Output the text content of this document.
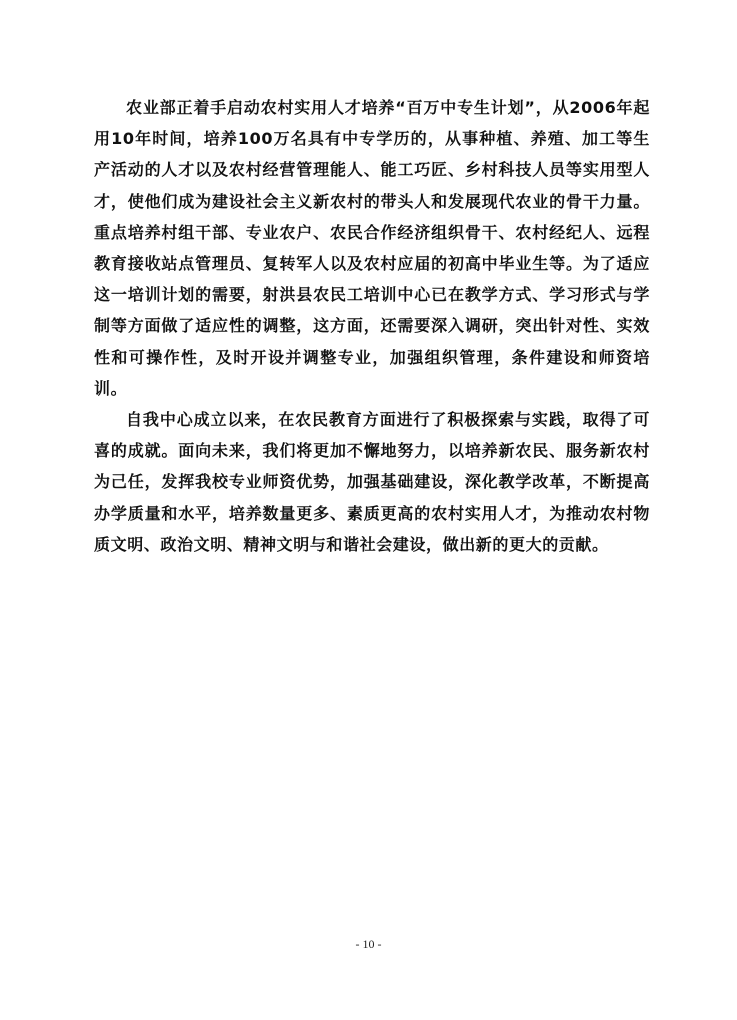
农业部正着手启动农村实用人才培养“百万中专生计划”，从2006年起用10年时间，培养100万名具有中专学历的，从事种植、养殖、加工等生产活动的人才以及农村经营管理能人、能工巧匠、乡村科技人员等实用型人才，使他们成为建设社会主义新农村的带头人和发展现代农业的骨干力量。重点培养村组干部、专业农户、农民合作经济组织骨干、农村经纪人、远程教育接收站点管理员、复转军人以及农村应届的初高中毕业生等。为了适应这一培训计划的需要，射洪县农民工培训中心已在教学方式、学习形式与学制等方面做了适应性的调整，这方面，还需要深入调研，突出针对性、实效性和可操作性，及时开设并调整专业，加强组织管理，条件建设和师资培训。

自我中心成立以来，在农民教育方面进行了积极探索与实践，取得了可喜的成就。面向未来，我们将更加不懈地努力，以培养新农民、服务新农村为己任，发挥我校专业师资优势，加强基础建设，深化教学改革，不断提高办学质量和水平，培养数量更多、素质更高的农村实用人才，为推动农村物质文明、政治文明、精神文明与和谐社会建设，做出新的更大的贡献。

- 10 -
